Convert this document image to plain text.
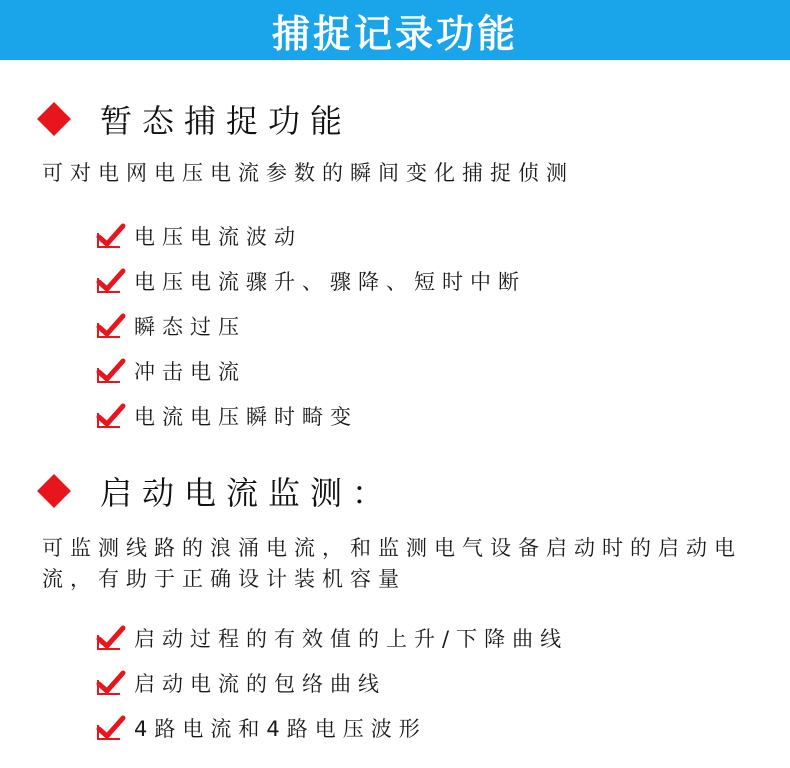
捕捉记录功能
暂态捕捉功能
可对电网电压电流参数的瞬间变化捕捉侦测
电压电流波动
电压电流骤升、骤降、短时中断
瞬态过压
冲击电流
电流电压瞬时畸变
启动电流监测：
可监测线路的浪涌电流，和监测电气设备启动时的启动电流，有助于正确设计装机容量
启动过程的有效值的上升/下降曲线
启动电流的包络曲线
4路电流和4路电压波形
